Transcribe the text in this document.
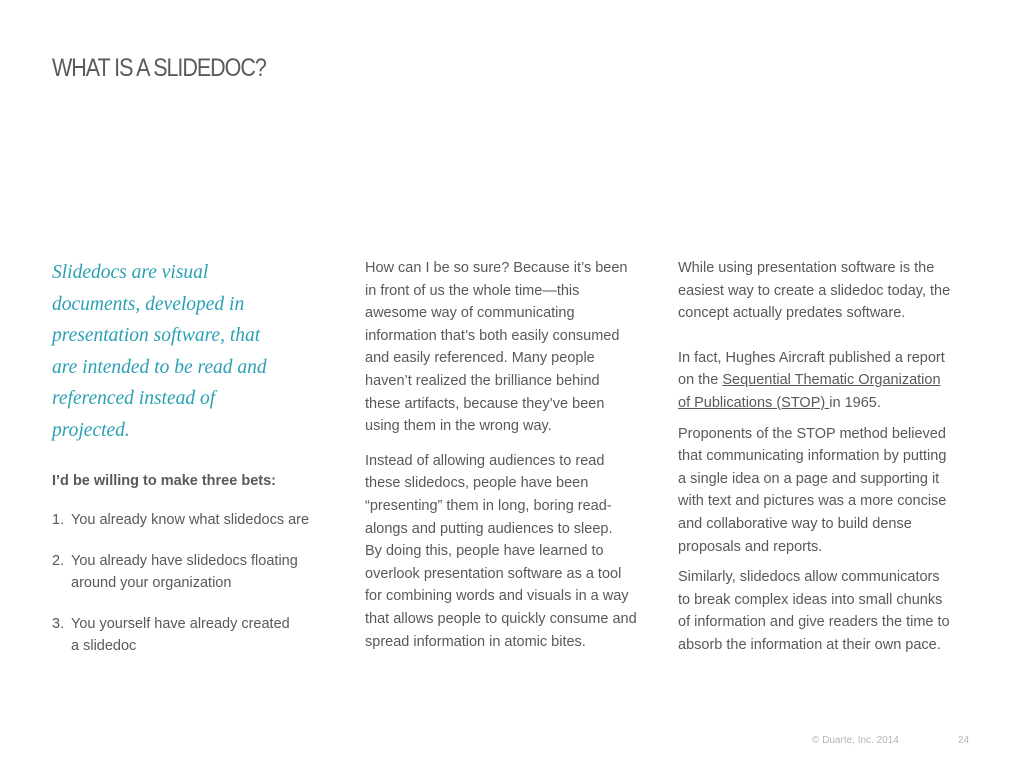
WHAT IS A SLIDEDOC?
Slidedocs are visual
documents, developed in
presentation software, that
are intended to be read and
referenced instead of
projected.
I’d be willing to make three bets:
1. You already know what slidedocs are
2. You already have slidedocs floating
around your organization
3. You yourself have already created
a slidedoc
How can I be so sure? Because it’s been
in front of us the whole time—this
awesome way of communicating
information that’s both easily consumed
and easily referenced. Many people
haven’t realized the brilliance behind
these artifacts, because they’ve been
using them in the wrong way.
Instead of allowing audiences to read
these slidedocs, people have been
“presenting” them in long, boring read-
alongs and putting audiences to sleep.
By doing this, people have learned to
overlook presentation software as a tool
for combining words and visuals in a way
that allows people to quickly consume and
spread information in atomic bites.
While using presentation software is the
easiest way to create a slidedoc today, the
concept actually predates software.
In fact, Hughes Aircraft published a report
on the Sequential Thematic Organization
of Publications (STOP) in 1965.
Proponents of the STOP method believed
that communicating information by putting
a single idea on a page and supporting it
with text and pictures was a more concise
and collaborative way to build dense
proposals and reports.
Similarly, slidedocs allow communicators
to break complex ideas into small chunks
of information and give readers the time to
absorb the information at their own pace.
© Duarte, Inc. 2014	24
